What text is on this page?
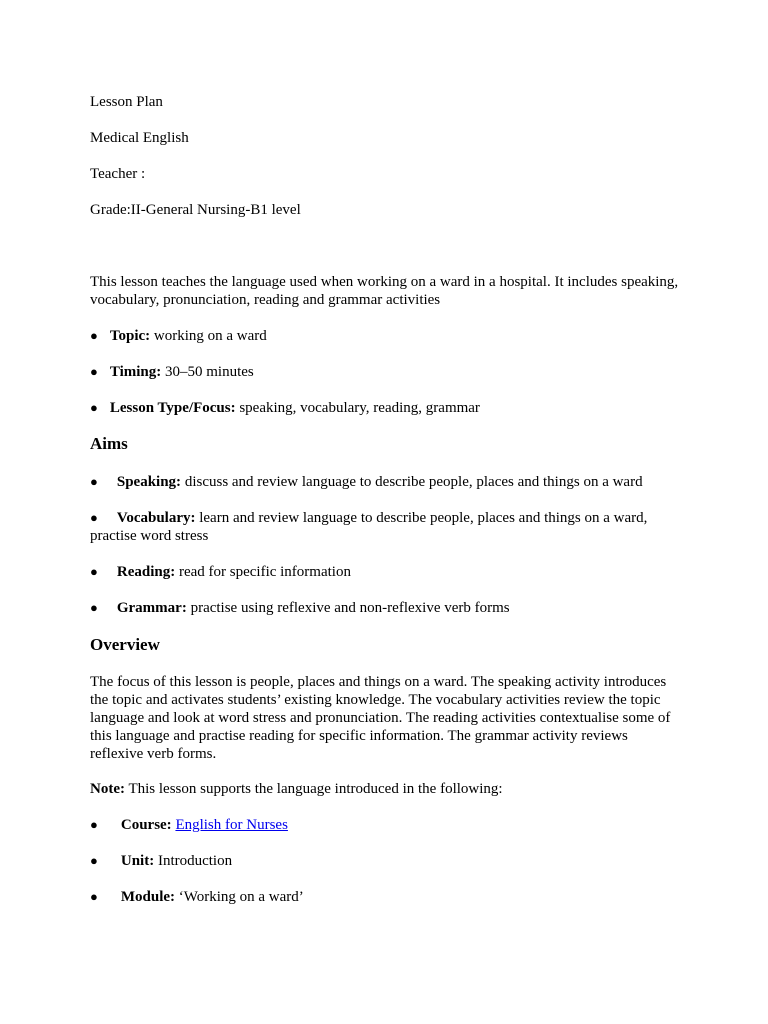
Lesson Plan
Medical English
Teacher :
Grade:II-General Nursing-B1 level
This lesson teaches the language used when working on a ward in a hospital. It includes speaking, vocabulary, pronunciation, reading and grammar activities
● Topic: working on a ward
● Timing: 30–50 minutes
● Lesson Type/Focus: speaking, vocabulary, reading, grammar
Aims
● Speaking: discuss and review language to describe people, places and things on a ward
● Vocabulary: learn and review language to describe people, places and things on a ward, practise word stress
● Reading: read for specific information
● Grammar: practise using reflexive and non-reflexive verb forms
Overview
The focus of this lesson is people, places and things on a ward. The speaking activity introduces the topic and activates students’ existing knowledge. The vocabulary activities review the topic language and look at word stress and pronunciation. The reading activities contextualise some of this language and practise reading for specific information. The grammar activity reviews reflexive verb forms.
Note: This lesson supports the language introduced in the following:
● Course: English for Nurses
● Unit: Introduction
● Module: ‘Working on a ward’
